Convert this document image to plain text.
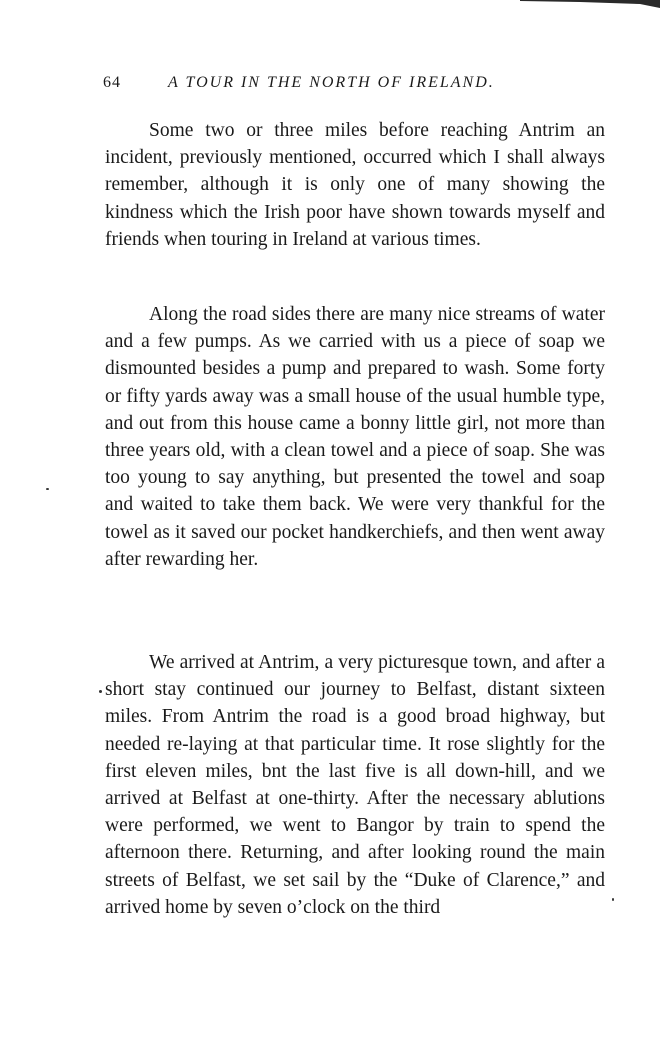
64	A TOUR IN THE NORTH OF IRELAND.

Some two or three miles before reaching Antrim an incident, previously mentioned, occurred which I shall always remember, although it is only one of many showing the kindness which the Irish poor have shown towards myself and friends when touring in Ireland at various times.

Along the road sides there are many nice streams of water and a few pumps. As we carried with us a piece of soap we dismounted besides a pump and prepared to wash. Some forty or fifty yards away was a small house of the usual humble type, and out from this house came a bonny little girl, not more than three years old, with a clean towel and a piece of soap. She was too young to say anything, but presented the towel and soap and waited to take them back. We were very thankful for the towel as it saved our pocket handkerchiefs, and then went away after rewarding her.

We arrived at Antrim, a very picturesque town, and after a short stay continued our journey to Belfast, distant sixteen miles. From Antrim the road is a good broad highway, but needed re-laying at that particular time. It rose slightly for the first eleven miles, bnt the last five is all down-hill, and we arrived at Belfast at one-thirty. After the necessary ablutions were performed, we went to Bangor by train to spend the afternoon there. Returning, and after looking round the main streets of Belfast, we set sail by the “Duke of Clarence,” and arrived home by seven o’clock on the third
